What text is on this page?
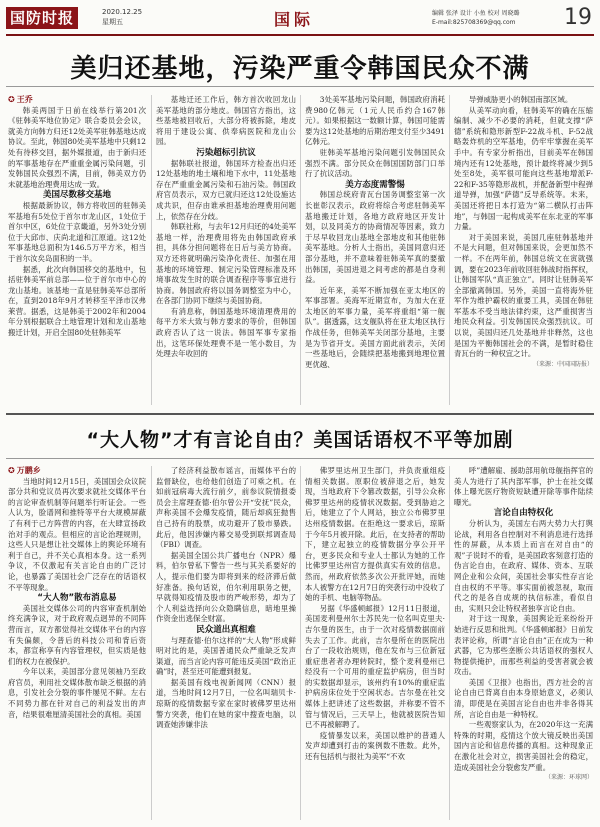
国防时报	2020.12.25
星期五	国际	编辑 张泽 设计 小鱼 校对 周晓璐
E-mail:825708369@qq.com	19
美归还基地，污染严重令韩国民众不满

✪ 王乔

韩美两国于日前在线举行第201次《驻韩美军地位协定》联合委员会会议，就美方向韩方归还12处美军驻韩基地达成协议。至此，韩国80处美军基地中只剩12处有待移交回，据外媒报道，由于新归还的军事基地存在严重重金属污染问题，引发韩国民众强烈不满，目前，韩美双方仍未就基地治理费用达成一致。

美国尽数移交基地

根据最新协议，韩方将收回的驻韩美军基地有5处位于首尔市龙山区，1处位于首尔中区，6处位于京畿道，另外3处分别位于大邱市、庆尚北道和江原道。这12处军事基地总面积为146.5万平方米，相当于首尔汝矣岛面积的一半。

据悉，此次向韩国移交的基地中，包括驻韩美军前总部——位于首尔市中心的龙山基地。该基地一直是驻韩美军总部所在，直到2018年9月才转移至平泽市汉弗莱营。据悉，这是韩美于2002年和2004年分别根据联合土地管理计划和龙山基地搬迁计划，开启全国80处驻韩美军

基地迁还工作后，韩方首次收回龙山美军基地的部分地皮。韩国官方指出，这些基地被回收后，大部分将被拆除，地皮将用于建设公寓、供奉病医院和龙山公园。

污染超标引抗议

据韩联社报道，韩国环方检查出归还12处基地的地土壤和地下水中，11处基地存在严重重金属污染和石油污染。韩国政府官员表示，双方已就归还这12处设施达成共识，但存由谁承担基地治理费用问题上，依然存在分歧。

韩联社称，与去年12月归还的4处美军基地一样，治理费用将先由韩国政府承担，具体分担问题将在日后与美方协商。双方还将就明确污染净化责任、加强在用基地的环境管理、制定污染管理标准及环境事故发生时的联合调查程序等事宜进行协商。韩国政府将以国务调整室为中心，在各部门协同下继续与美国协商。

有消息称，韩国基地环境清理费用的每平方米大致与韩方要求的等价，但韩国政府否认了这一说法。韩国军事专家指出，这笔环保处理费不是一笔小数目，为处理去年收回的

3处美军基地污染问题，韩国政府消耗费980亿韩元（1元人民币约合167韩元）。如果根据这一数额计算，韩国可能需要为这12处基地的后期治理支付至少3491亿韩元。

驻韩美军基地污染问题引发韩国民众强烈不满。部分民众在韩国国防部门口举行了抗议活动。

美方态度需警惕

韩国总统府青瓦台国务调整室第一次长崔彰汉表示，政府将综合考虑驻韩美军基地搬迁计划，各地方政府地区开发计划，以及同美方的协商情况等因素，致力于尽早收回龙山基地全部地皮和其他驻韩美军基地。分析人士指出，美国同意归还部分基地，并不意味着驻韩美军真的要撤出韩国，美国进退之间考虑的都是自身利益。

近年来，美军不断加强在亚太地区的军事部署。美海军近期宣布，为加大在亚太地区的军事力量，美军将重组“第一舰队”。据透露，这支舰队将在亚太地区执行作战任务，但韩美军关闭部分基地，主要是为节省开支。美国方面此前表示，关闭一些基地后，会随续把基地搬到地理位置更优越、

导弹威胁更小的韩国南部区域。

从美军动向看，驻韩美军的确在压缩编制、减少不必要的消耗，但就支撑“萨德”系统和隐形新型F-22战斗机、F-52战略轰炸机的空军基地，仍牢牢掌握在美军手中。有专家分析指出，目前美军在韩国境内还有12处基地，预计最终将减少到5处至8处，美军很可能向这些基地增派F-22和F-35等隐形战机，并配备新型中程弹道导弹，加强“萨德”反导系统等。未来，美国还将把日本打造为“第二横队打击阵地”，与韩国一起构成美军在东北亚的军事力量。

对于美国来说，美国几座驻韩基地并不是大问题，但对韩国来说，会更加然不一样。不在两年前，韩国总统文在寅就强调，要在2023年前收回驻韩战时指挥权，让韩国军队“真正独立”。同时让驻韩美军全部撤离韩国。另外，美国一直将海外驻军作为维护霸权的重要工具，美国在韩驻军基本不受当地法律约束，这严重损害当地民众利益。引发韩国民众强烈抗议。可以说，美国归还几处基地并非释然，这也是国为平衡韩国社会的不满，是暂时稳住青瓦台的一种权宜之计。

（来源：中国国防报）

“大人物”才有言论自由？美国话语权不平等加剧

✪ 万鹏乡

当地时间12月15日，美国国会众议院部分共和党议员再次要求就社交媒体平台的言论审查机制等问题举行听证会。一些人认为，脸谱网和推特等平台大规模屏蔽了有利于己方阵营的内容，在大肆宣扬政治对手的观点。但相应的言论治理规则，这些人只是想让社交媒体上的舆论环境有利于自己，并不关心真相本身。这一系列争议，不仅激起有关言论自由的广泛讨论，也暴露了美国社会广泛存在的话语权不平等现象。

“大人物”散布消息易

美国社交媒体公司的内容审查机制始终充满争议，对于政府观点迥异的不同阵营而言，双方都觉得社交媒体平台的内容有失偏颇，令普后的科技公司和背后资本，都宣称享有内容管理权，但实质是他们的权力在被保护。

今年以来，美国部分意见领袖乃至政府官员，利用社交媒体散布缺乏根据的消息，引发社会分裂的事件屡见不鲜。左右不同势力都在针对自己的利益发出的声音，结果很难厘清美国社会的真相。美国

了经济利益散布谣言，而媒体平台的监督缺位，也给他们创造了可乘之机。在如前冠病毒大流行前夕，前参议院情报委员会主席理查德·伯尔曾公开“安抚”民众，声称美国不会爆发疫情，随后却疯狂抛售自己持有的股票，成功避开了股市暴跌。此后，他因涉嫌内幕交易受到联邦调查局（FBI）调查。

据美国全国公共广播电台（NPR）爆料，伯尔曾私下警告一些与其关系要好的人，提示他们要为即将到来的经济滞后做好准备。换句话说，伯尔利用职务之便，早就得知疫情及股市的严峻形势，却为了个人利益选择向公众隐瞒信息，暗地里操作资金出逃保全财富。

民众道出真相难

与理查德·伯尔这样的“大人物”形成鲜明对比的是，美国普通民众严重缺乏发声渠道，而当言论内容可能违反美国“政治正确”时，甚至还可能遭到报复。

据美国有线电视新闻网（CNN）报道，当地时间12月7日，一位名叫瑞贝卡·琼斯的疫情数据专家在家时被佛罗里达州警方突袭，他们在她的家中搜查电脑，以调查她涉嫌非法

佛罗里达州卫生部门，并负责重组疫情相关数据。原职位被辞退之后，她发现，当地政府下令篡改数据，引导公众称佛罗里达州的疫情状况数据。受到胁迫之后，她建立了个人网站，独立公布佛罗里达州疫情数据。在拒绝这一要求后，琼斯于今年5月被开除。此后，在支持者的帮助下，建立起独立的疫情数据分享公开平台，更多民众和专业人士都认为她的工作比佛罗里达州官方提供真实有效的信息。然而，州政府依然多次公开批评她，而她本人被警方在12月7日的突袭行动中没收了她的手机、电脑等物品。

另据《华盛顿邮报》12月11日报道，美国麦利曼州尔士苏民先一位名叫克里夫·吉尔曼的医生，由于一次对疫情数据面前失去了工作。此前，吉尔曼所在的医院出台了一段收治规则，他在发布与三位新冠重症患者者办理转院时，整个麦利曼州已经没有一个可用的重症监护病房，但当时的实数据却显示，该州约有10%的重症监护病房床位处于空闲状态。吉尔曼在社交媒体上把讲述了这些数据，并称要不管不管与情况后，三天早上，他就被医院告知已不再被解聘了。

疫情暴发以来，美国以维护的普通人发声却遭到打击的案例数不胜数。此外，还有包括机与报社为美军“不欢

呼”遭解雇、援助部用航母舰指挥官的美人为进行了其内部军事，护士在社交媒体上曝光医疗物资短缺遭开除等事件陆续曝光。

言论自由特权化

分析认为，美国左右两大势力大打舆论战，利用各自控制对不利消息进行选择性的屏蔽，从本质上而言在对自由“的观”子说时不的看，是美国政客刻意打造的伪言论自由，在政府、媒体、资本、互联网企业和公众间，美国社会事实性存言论自由权的不平等。事实面前被忽视，取而代之的是各自成规的执信标准，看似自由，实则只会让特权者独享言论自由。

对于这一现象，美国舆论近来纷纷开始进行反思和批判。《华盛顿邮报》日前发表评论称，所谓“言论自由”正在成为一种武器，它为那些垄断公共话语权的强权人物提供掩护，而那些利益的受害者就会被攻击。

美国《卫报》也指出，西方社会的言论自由已背离自由本身原始意义，必须认清，即使是在美国言论自由也并非各得其所，言论自由是一种特权。

一些观察家认为，在2020年这一充满特殊的时期，疫情这个放大镜反映出美国国内言论和信息传播的真相。这种现象正在激化社会对立，损害美国社会的稳定，造成美国社会分裂愈发严重。

（来源：环球网）
